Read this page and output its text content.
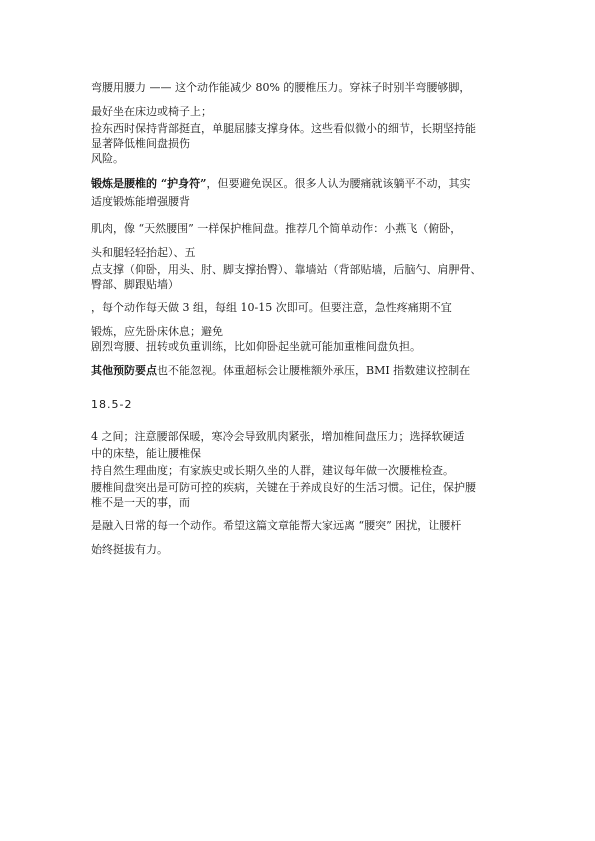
弯腰用腰力 —— 这个动作能减少 80% 的腰椎压力。穿袜子时别半弯腰够脚，
最好坐在床边或椅子上；
捡东西时保持背部挺直，单腿屈膝支撑身体。这些看似微小的细节，长期坚持能
显著降低椎间盘损伤
风险。
锻炼是腰椎的 “护身符”，但要避免误区。很多人认为腰痛就该躺平不动，其实
适度锻炼能增强腰背
肌肉，像 “天然腰围” 一样保护椎间盘。推荐几个简单动作：小燕飞（俯卧，
头和腿轻轻抬起）、五
点支撑（仰卧，用头、肘、脚支撑抬臀）、靠墙站（背部贴墙，后脑勺、肩胛骨、
臀部、脚跟贴墙）
，每个动作每天做 3 组，每组 10-15 次即可。但要注意，急性疼痛期不宜
锻炼，应先卧床休息；避免
剧烈弯腰、扭转或负重训练，比如仰卧起坐就可能加重椎间盘负担。
其他预防要点也不能忽视。体重超标会让腰椎额外承压，BMI 指数建议控制在
18.5-2
4 之间；注意腰部保暖，寒冷会导致肌肉紧张，增加椎间盘压力；选择软硬适
中的床垫，能让腰椎保
持自然生理曲度；有家族史或长期久坐的人群，建议每年做一次腰椎检查。
腰椎间盘突出是可防可控的疾病，关键在于养成良好的生活习惯。记住，保护腰
椎不是一天的事，而
是融入日常的每一个动作。希望这篇文章能帮大家远离 “腰突” 困扰，让腰杆
始终挺拔有力。
